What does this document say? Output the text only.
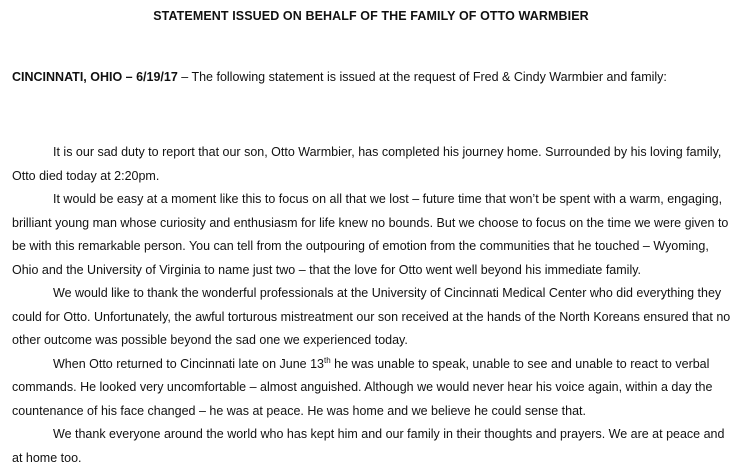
STATEMENT ISSUED ON BEHALF OF THE FAMILY OF OTTO WARMBIER
CINCINNATI, OHIO – 6/19/17 – The following statement is issued at the request of Fred & Cindy Warmbier and family:

It is our sad duty to report that our son, Otto Warmbier, has completed his journey home. Surrounded by his loving family, Otto died today at 2:20pm.

It would be easy at a moment like this to focus on all that we lost – future time that won’t be spent with a warm, engaging, brilliant young man whose curiosity and enthusiasm for life knew no bounds. But we choose to focus on the time we were given to be with this remarkable person. You can tell from the outpouring of emotion from the communities that he touched – Wyoming, Ohio and the University of Virginia to name just two – that the love for Otto went well beyond his immediate family.

We would like to thank the wonderful professionals at the University of Cincinnati Medical Center who did everything they could for Otto. Unfortunately, the awful torturous mistreatment our son received at the hands of the North Koreans ensured that no other outcome was possible beyond the sad one we experienced today.

When Otto returned to Cincinnati late on June 13th he was unable to speak, unable to see and unable to react to verbal commands. He looked very uncomfortable – almost anguished. Although we would never hear his voice again, within a day the countenance of his face changed – he was at peace. He was home and we believe he could sense that.

We thank everyone around the world who has kept him and our family in their thoughts and prayers. We are at peace and at home too.
